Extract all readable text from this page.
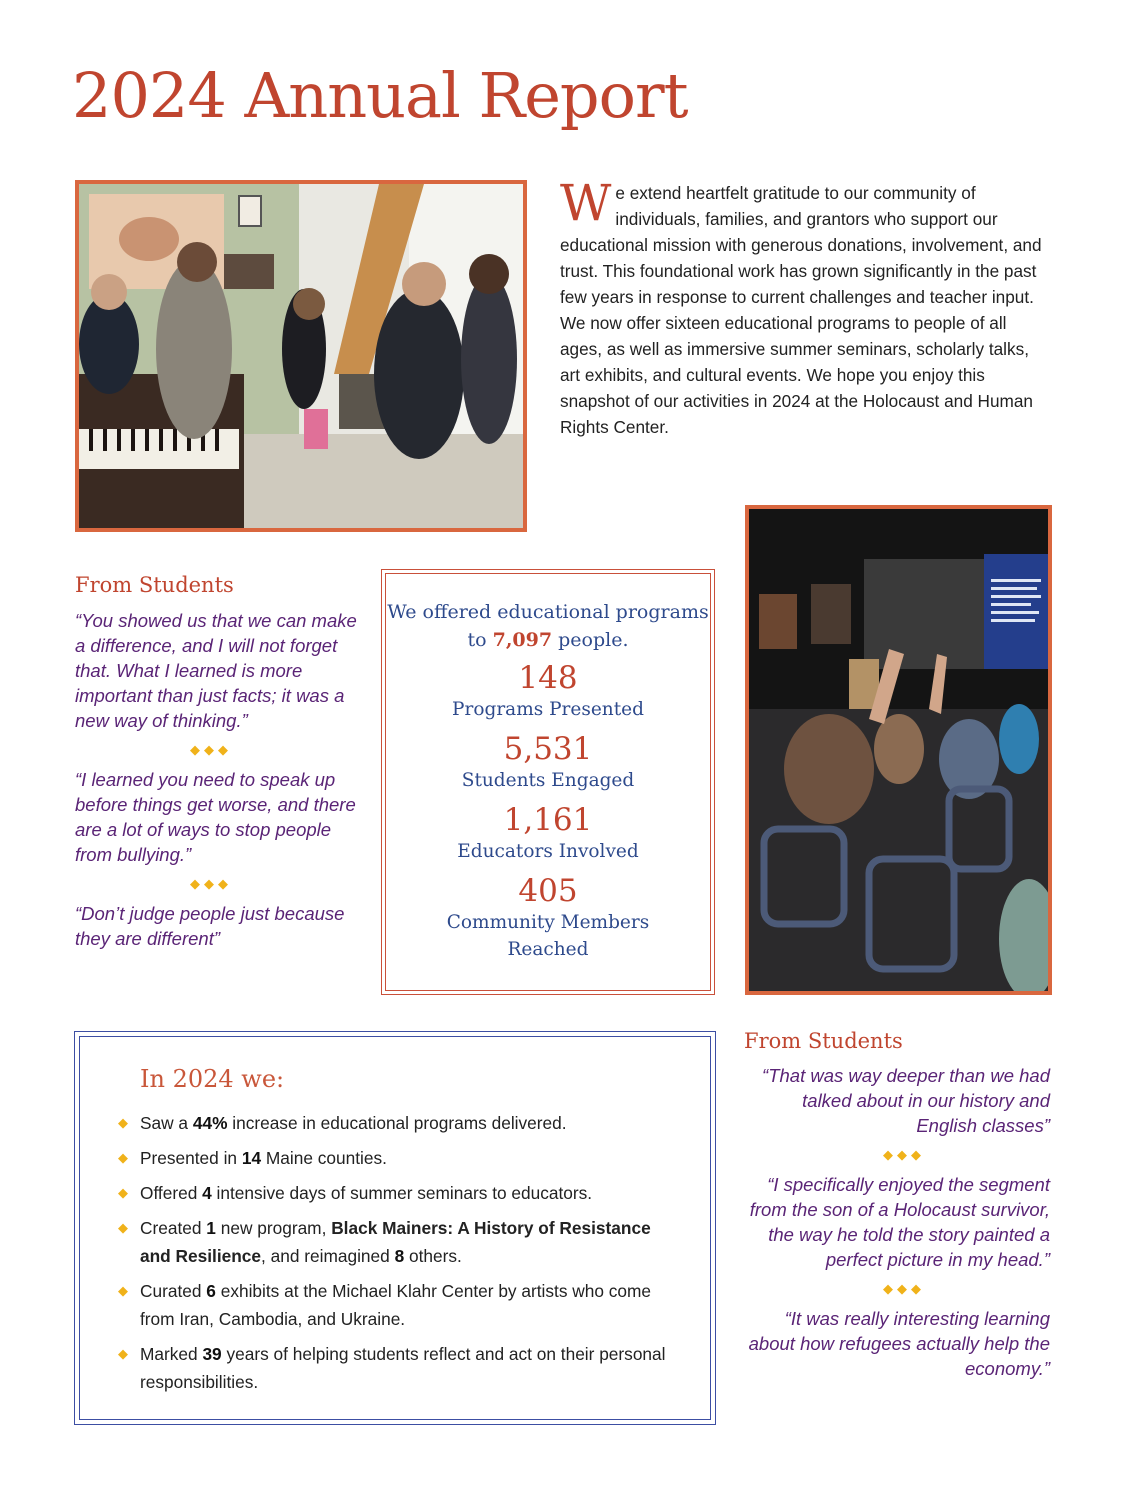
2024 Annual Report

We extend heartfelt gratitude to our community of individuals, families, and grantors who support our educational mission with generous donations, involvement, and trust. This foundational work has grown significantly in the past few years in response to current challenges and teacher input. We now offer sixteen educational programs to people of all ages, as well as immersive summer seminars, scholarly talks, art exhibits, and cultural events. We hope you enjoy this snapshot of our activities in 2024 at the Holocaust and Human Rights Center.

From Students

“You showed us that we can make a difference, and I will not forget that. What I learned is more important than just facts; it was a new way of thinking.”

◆◆◆

“I learned you need to speak up before things get worse, and there are a lot of ways to stop people from bullying.”

◆◆◆

“Don’t judge people just because they are different”

We offered educational programs to 7,097 people.

148

Programs Presented

5,531

Students Engaged

1,161

Educators Involved

405

Community Members Reached

In 2024 we:
◆ Saw a 44% increase in educational programs delivered.
◆ Presented in 14 Maine counties.
◆ Offered 4 intensive days of summer seminars to educators.
◆ Created 1 new program, Black Mainers: A History of Resistance and Resilience, and reimagined 8 others.
◆ Curated 6 exhibits at the Michael Klahr Center by artists who come from Iran, Cambodia, and Ukraine.
◆ Marked 39 years of helping students reflect and act on their personal responsibilities.
From Students

“That was way deeper than we had talked about in our history and English classes”

◆◆◆

“I specifically enjoyed the segment from the son of a Holocaust survivor, the way he told the story painted a perfect picture in my head.”

◆◆◆

“It was really interesting learning about how refugees actually help the economy.”
